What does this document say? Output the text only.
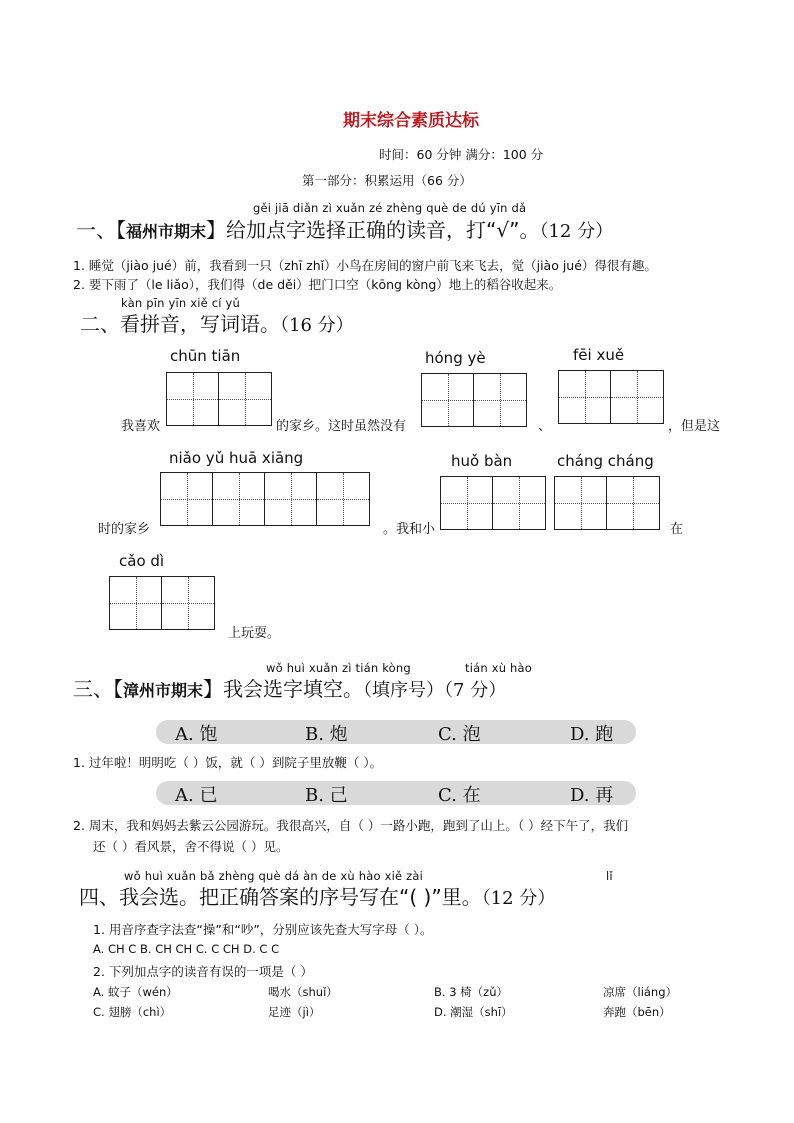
期末综合素质达标
时间：60 分钟 满分：100 分
第一部分：积累运用（66 分）
gěi jiā diǎn zì xuǎn zé zhèng què de dú yīn dǎ
一、【福州市期末】给加点字选择正确的读音，打“√”。（12 分）
1. 睡觉（jiào jué）前，我看到一只（zhī zhǐ）小鸟在房间的窗户前飞来飞去，觉（jiào jué）得很有趣。
2. 要下雨了（le liǎo），我们得（de děi）把门口空（kōng kòng）地上的稻谷收起来。
kàn pīn yīn xiě cí yǔ
二、看拼音，写词语。（16 分）
chūn tiān	hóng yè	fēi xuě
我喜欢	的家乡。这时虽然没有	、	，但是这
niǎo yǔ huā xiāng	huǒ bàn	cháng cháng
时的家乡	。我和小	在
cǎo dì
上玩耍。
wǒ huì xuǎn zì tián kòng	tián xù hào
三、【漳州市期末】我会选字填空。（填序号）（7 分）
A. 饱	B. 炮	C. 泡	D. 跑
1. 过年啦！明明吃（ ）饭，就（ ）到院子里放鞭（ ）。
A. 已	B. 己	C. 在	D. 再
2. 周末，我和妈妈去紫云公园游玩。我很高兴，自（ ）一路小跑，跑到了山上。（ ）经下午了，我们
还（ ）看风景，舍不得说（ ）见。
wǒ huì xuǎn bǎ zhèng què dá àn de xù hào xiě zài	lǐ
四、我会选。把正确答案的序号写在“( )”里。（12 分）
1. 用音序查字法查“操”和“吵”，分别应该先查大写字母（ ）。
A. CH C B. CH CH C. C CH D. C C
2. 下列加点字的读音有误的一项是（ ）
A. 蚊子（wén）	喝水（shuǐ）	B. 3 椅（zǔ）	凉席（liáng）
C. 翅膀（chì）	足迹（jì）	D. 潮湿（shī）	奔跑（bēn）
